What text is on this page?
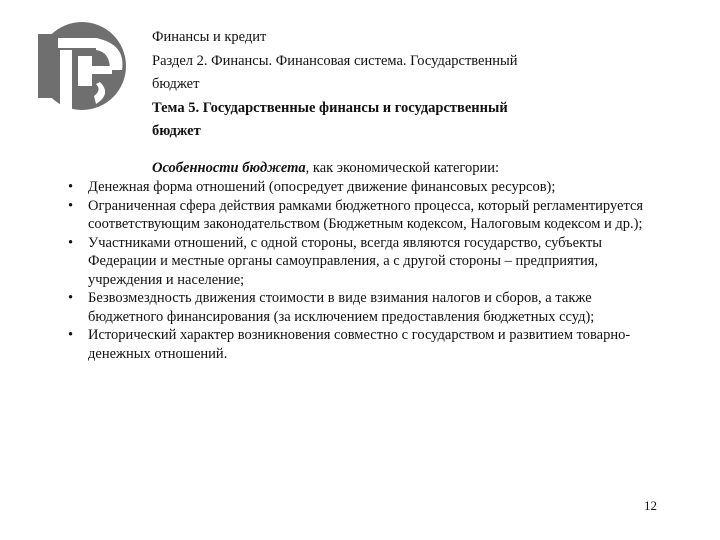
Финансы и кредит
Раздел 2. Финансы. Финансовая система. Государственный
бюджет
Тема 5. Государственные финансы и государственный
бюджет
Особенности бюджета, как экономической категории:
•	Денежная форма отношений (опосредует движение финансовых ресурсов);
•	Ограниченная сфера действия рамками бюджетного процесса, который регламентируется соответствующим законодательством (Бюджетным кодексом, Налоговым кодексом и др.);
•	Участниками отношений, с одной стороны, всегда являются государство, субъекты Федерации и местные органы самоуправления, а с другой стороны – предприятия, учреждения и население;
•	Безвозмездность движения стоимости в виде взимания налогов и сборов, а также бюджетного финансирования (за исключением предоставления бюджетных ссуд);
•	Исторический характер возникновения совместно с государством и развитием товарно-денежных отношений.
12
